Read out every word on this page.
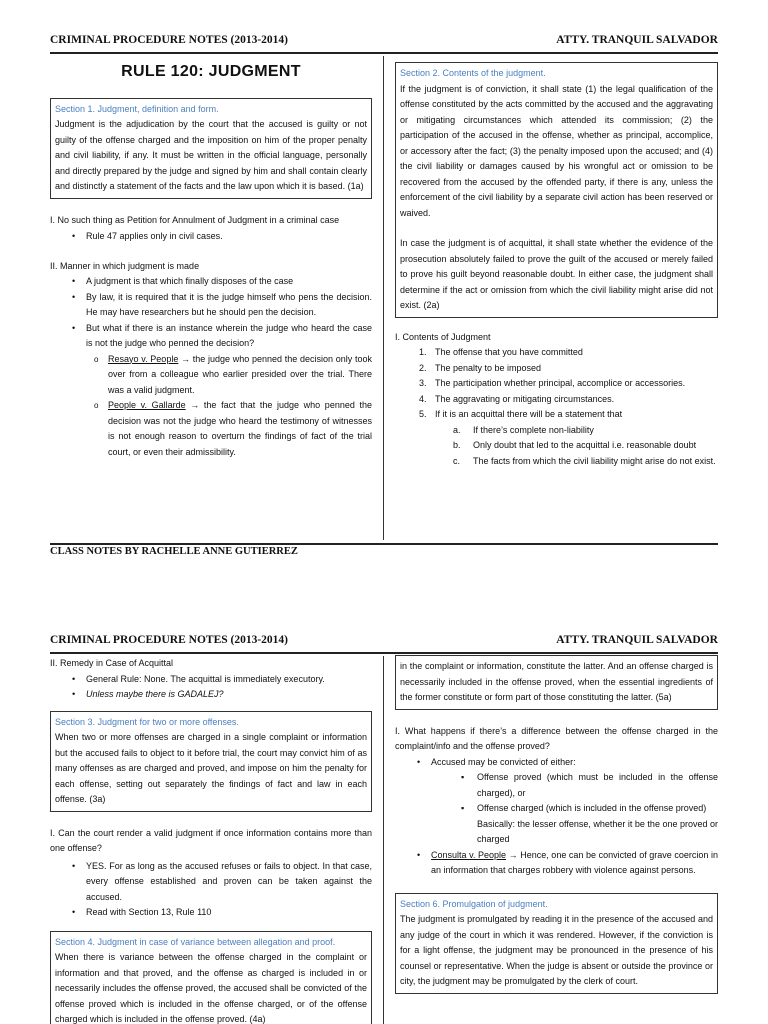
CRIMINAL PROCEDURE NOTES (2013-2014)	ATTY. TRANQUIL SALVADOR
RULE 120: JUDGMENT
Section 1. Judgment, definition and form.
Judgment is the adjudication by the court that the accused is guilty or not guilty of the offense charged and the imposition on him of the proper penalty and civil liability, if any. It must be written in the official language, personally and directly prepared by the judge and signed by him and shall contain clearly and distinctly a statement of the facts and the law upon which it is based. (1a)

I. No such thing as Petition for Annulment of Judgment in a criminal case

• Rule 47 applies only in civil cases.

II. Manner in which judgment is made

• A judgment is that which finally disposes of the case
• By law, it is required that it is the judge himself who pens the decision. He may have researchers but he should pen the decision.
• But what if there is an instance wherein the judge who heard the case is not the judge who penned the decision?
o Resayo v. People → the judge who penned the decision only took over from a colleague who earlier presided over the trial. There was a valid judgment.
o People v. Gallarde → the fact that the judge who penned the decision was not the judge who heard the testimony of witnesses is not enough reason to overturn the findings of fact of the trial court, or even their admissibility.
Section 2. Contents of the judgment.
If the judgment is of conviction, it shall state (1) the legal qualification of the offense constituted by the acts committed by the accused and the aggravating or mitigating circumstances which attended its commission; (2) the participation of the accused in the offense, whether as principal, accomplice, or accessory after the fact; (3) the penalty imposed upon the accused; and (4) the civil liability or damages caused by his wrongful act or omission to be recovered from the accused by the offended party, if there is any, unless the enforcement of the civil liability by a separate civil action has been reserved or waived.
In case the judgment is of acquittal, it shall state whether the evidence of the prosecution absolutely failed to prove the guilt of the accused or merely failed to prove his guilt beyond reasonable doubt. In either case, the judgment shall determine if the act or omission from which the civil liability might arise did not exist. (2a)

I. Contents of Judgment

1. The offense that you have committed
2. The penalty to be imposed
3. The participation whether principal, accomplice or accessories.
4. The aggravating or mitigating circumstances.
5. If it is an acquittal there will be a statement that
a. If there’s complete non-liability
b. Only doubt that led to the acquittal i.e. reasonable doubt
c. The facts from which the civil liability might arise do not exist.
CLASS NOTES BY RACHELLE ANNE GUTIERREZ
CRIMINAL PROCEDURE NOTES (2013-2014)	ATTY. TRANQUIL SALVADOR

II. Remedy in Case of Acquittal

• General Rule: None. The acquittal is immediately executory.
• Unless maybe there is GADALEJ?
Section 3. Judgment for two or more offenses.
When two or more offenses are charged in a single complaint or information but the accused fails to object to it before trial, the court may convict him of as many offenses as are charged and proved, and impose on him the penalty for each offense, setting out separately the findings of fact and law in each offense. (3a)

I. Can the court render a valid judgment if once information contains more than one offense?

• YES. For as long as the accused refuses or fails to object. In that case, every offense established and proven can be taken against the accused.
• Read with Section 13, Rule 110
Section 4. Judgment in case of variance between allegation and proof.
When there is variance between the offense charged in the complaint or information and that proved, and the offense as charged is included in or necessarily includes the offense proved, the accused shall be convicted of the offense proved which is included in the offense charged, or of the offense charged which is included in the offense proved. (4a)
in the complaint or information, constitute the latter. And an offense charged is necessarily included in the offense proved, when the essential ingredients of the former constitute or form part of those constituting the latter. (5a)

I. What happens if there’s a difference between the offense charged in the complaint/info and the offense proved?

• Accused may be convicted of either:
▪ Offense proved (which must be included in the offense charged), or
▪ Offense charged (which is included in the offense proved)

Basically: the lesser offense, whether it be the one proved or charged

• Consulta v. People → Hence, one can be convicted of grave coercion in an information that charges robbery with violence against persons.
Section 6. Promulgation of judgment.
The judgment is promulgated by reading it in the presence of the accused and any judge of the court in which it was rendered. However, if the conviction is for a light offense, the judgment may be pronounced in the presence of his counsel or representative. When the judge is absent or outside the province or city, the judgment may be promulgated by the clerk of court.
